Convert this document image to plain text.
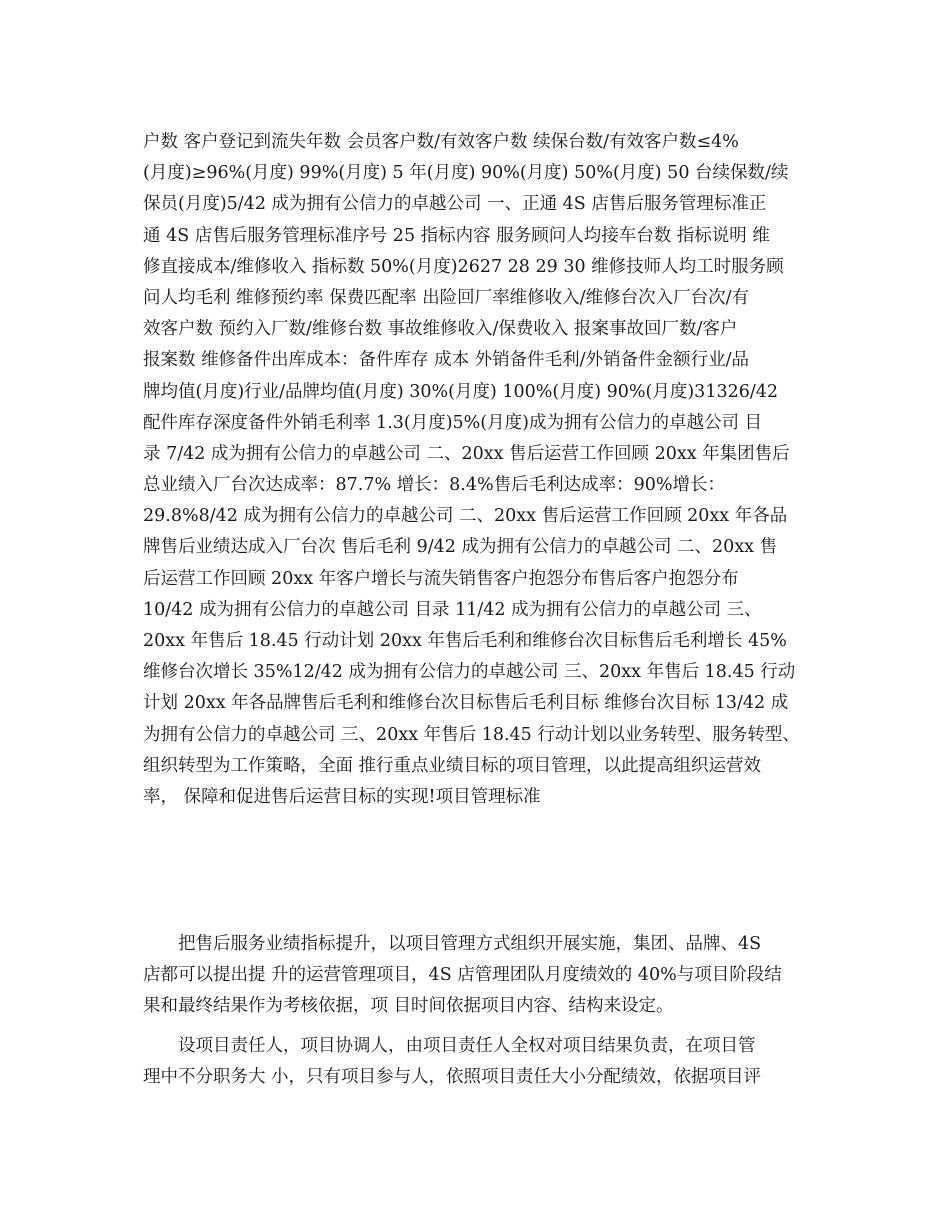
户数 客户登记到流失年数 会员客户数/有效客户数 续保台数/有效客户数≤4%
(月度)≥96%(月度) 99%(月度) 5 年(月度) 90%(月度) 50%(月度) 50 台续保数/续
保员(月度)5/42 成为拥有公信力的卓越公司 一、正通 4S 店售后服务管理标准正
通 4S 店售后服务管理标准序号 25 指标内容 服务顾问人均接车台数 指标说明 维
修直接成本/维修收入 指标数 50%(月度)2627 28 29 30 维修技师人均工时服务顾
问人均毛利 维修预约率 保费匹配率 出险回厂率维修收入/维修台次入厂台次/有
效客户数 预约入厂数/维修台数 事故维修收入/保费收入 报案事故回厂数/客户
报案数 维修备件出库成本：备件库存 成本 外销备件毛利/外销备件金额行业/品
牌均值(月度)行业/品牌均值(月度) 30%(月度) 100%(月度) 90%(月度)31326/42
配件库存深度备件外销毛利率 1.3(月度)5%(月度)成为拥有公信力的卓越公司 目
录 7/42 成为拥有公信力的卓越公司 二、20xx 售后运营工作回顾 20xx 年集团售后
总业绩入厂台次达成率：87.7% 增长：8.4%售后毛利达成率：90%增长：
29.8%8/42 成为拥有公信力的卓越公司 二、20xx 售后运营工作回顾 20xx 年各品
牌售后业绩达成入厂台次 售后毛利 9/42 成为拥有公信力的卓越公司 二、20xx 售
后运营工作回顾 20xx 年客户增长与流失销售客户抱怨分布售后客户抱怨分布
10/42 成为拥有公信力的卓越公司 目录 11/42 成为拥有公信力的卓越公司 三、
20xx 年售后 18.45 行动计划 20xx 年售后毛利和维修台次目标售后毛利增长 45%
维修台次增长 35%12/42 成为拥有公信力的卓越公司 三、20xx 年售后 18.45 行动
计划 20xx 年各品牌售后毛利和维修台次目标售后毛利目标 维修台次目标 13/42 成
为拥有公信力的卓越公司 三、20xx 年售后 18.45 行动计划以业务转型、服务转型、
组织转型为工作策略，全面 推行重点业绩目标的项目管理，以此提高组织运营效
率， 保障和促进售后运营目标的实现!项目管理标准
把售后服务业绩指标提升，以项目管理方式组织开展实施，集团、品牌、4S
店都可以提出提 升的运营管理项目，4S 店管理团队月度绩效的 40%与项目阶段结
果和最终结果作为考核依据，项 目时间依据项目内容、结构来设定。
设项目责任人，项目协调人，由项目责任人全权对项目结果负责，在项目管
理中不分职务大 小，只有项目参与人，依照项目责任大小分配绩效，依据项目评
